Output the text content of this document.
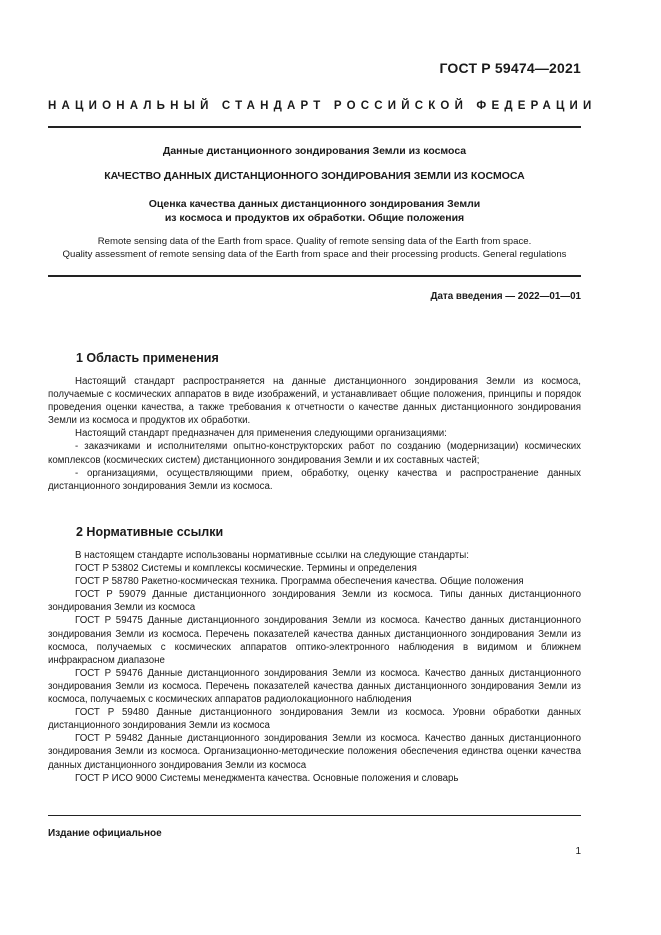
ГОСТ Р 59474—2021
НАЦИОНАЛЬНЫЙ СТАНДАРТ РОССИЙСКОЙ ФЕДЕРАЦИИ
Данные дистанционного зондирования Земли из космоса
КАЧЕСТВО ДАННЫХ ДИСТАНЦИОННОГО ЗОНДИРОВАНИЯ ЗЕМЛИ ИЗ КОСМОСА
Оценка качества данных дистанционного зондирования Земли
из космоса и продуктов их обработки. Общие положения
Remote sensing data of the Earth from space. Quality of remote sensing data of the Earth from space.
Quality assessment of remote sensing data of the Earth from space and their processing products. General regulations
Дата введения — 2022—01—01
1 Область применения

Настоящий стандарт распространяется на данные дистанционного зондирования Земли из космоса, получаемые с космических аппаратов в виде изображений, и устанавливает общие положения, принципы и порядок проведения оценки качества, а также требования к отчетности о качестве данных дистанционного зондирования Земли из космоса и продуктов их обработки.

Настоящий стандарт предназначен для применения следующими организациями:

- заказчиками и исполнителями опытно-конструкторских работ по созданию (модернизации) космических комплексов (космических систем) дистанционного зондирования Земли и их составных частей;

- организациями, осуществляющими прием, обработку, оценку качества и распространение данных дистанционного зондирования Земли из космоса.

2 Нормативные ссылки

В настоящем стандарте использованы нормативные ссылки на следующие стандарты:

ГОСТ Р 53802 Системы и комплексы космические. Термины и определения

ГОСТ Р 58780 Ракетно-космическая техника. Программа обеспечения качества. Общие положения

ГОСТ Р 59079 Данные дистанционного зондирования Земли из космоса. Типы данных дистанционного зондирования Земли из космоса

ГОСТ Р 59475 Данные дистанционного зондирования Земли из космоса. Качество данных дистанционного зондирования Земли из космоса. Перечень показателей качества данных дистанционного зондирования Земли из космоса, получаемых с космических аппаратов оптико-электронного наблюдения в видимом и ближнем инфракрасном диапазоне

ГОСТ Р 59476 Данные дистанционного зондирования Земли из космоса. Качество данных дистанционного зондирования Земли из космоса. Перечень показателей качества данных дистанционного зондирования Земли из космоса, получаемых с космических аппаратов радиолокационного наблюдения

ГОСТ Р 59480 Данные дистанционного зондирования Земли из космоса. Уровни обработки данных дистанционного зондирования Земли из космоса

ГОСТ Р 59482 Данные дистанционного зондирования Земли из космоса. Качество данных дистанционного зондирования Земли из космоса. Организационно-методические положения обеспечения единства оценки качества данных дистанционного зондирования Земли из космоса

ГОСТ Р ИСО 9000 Системы менеджмента качества. Основные положения и словарь

Издание официальное
1
